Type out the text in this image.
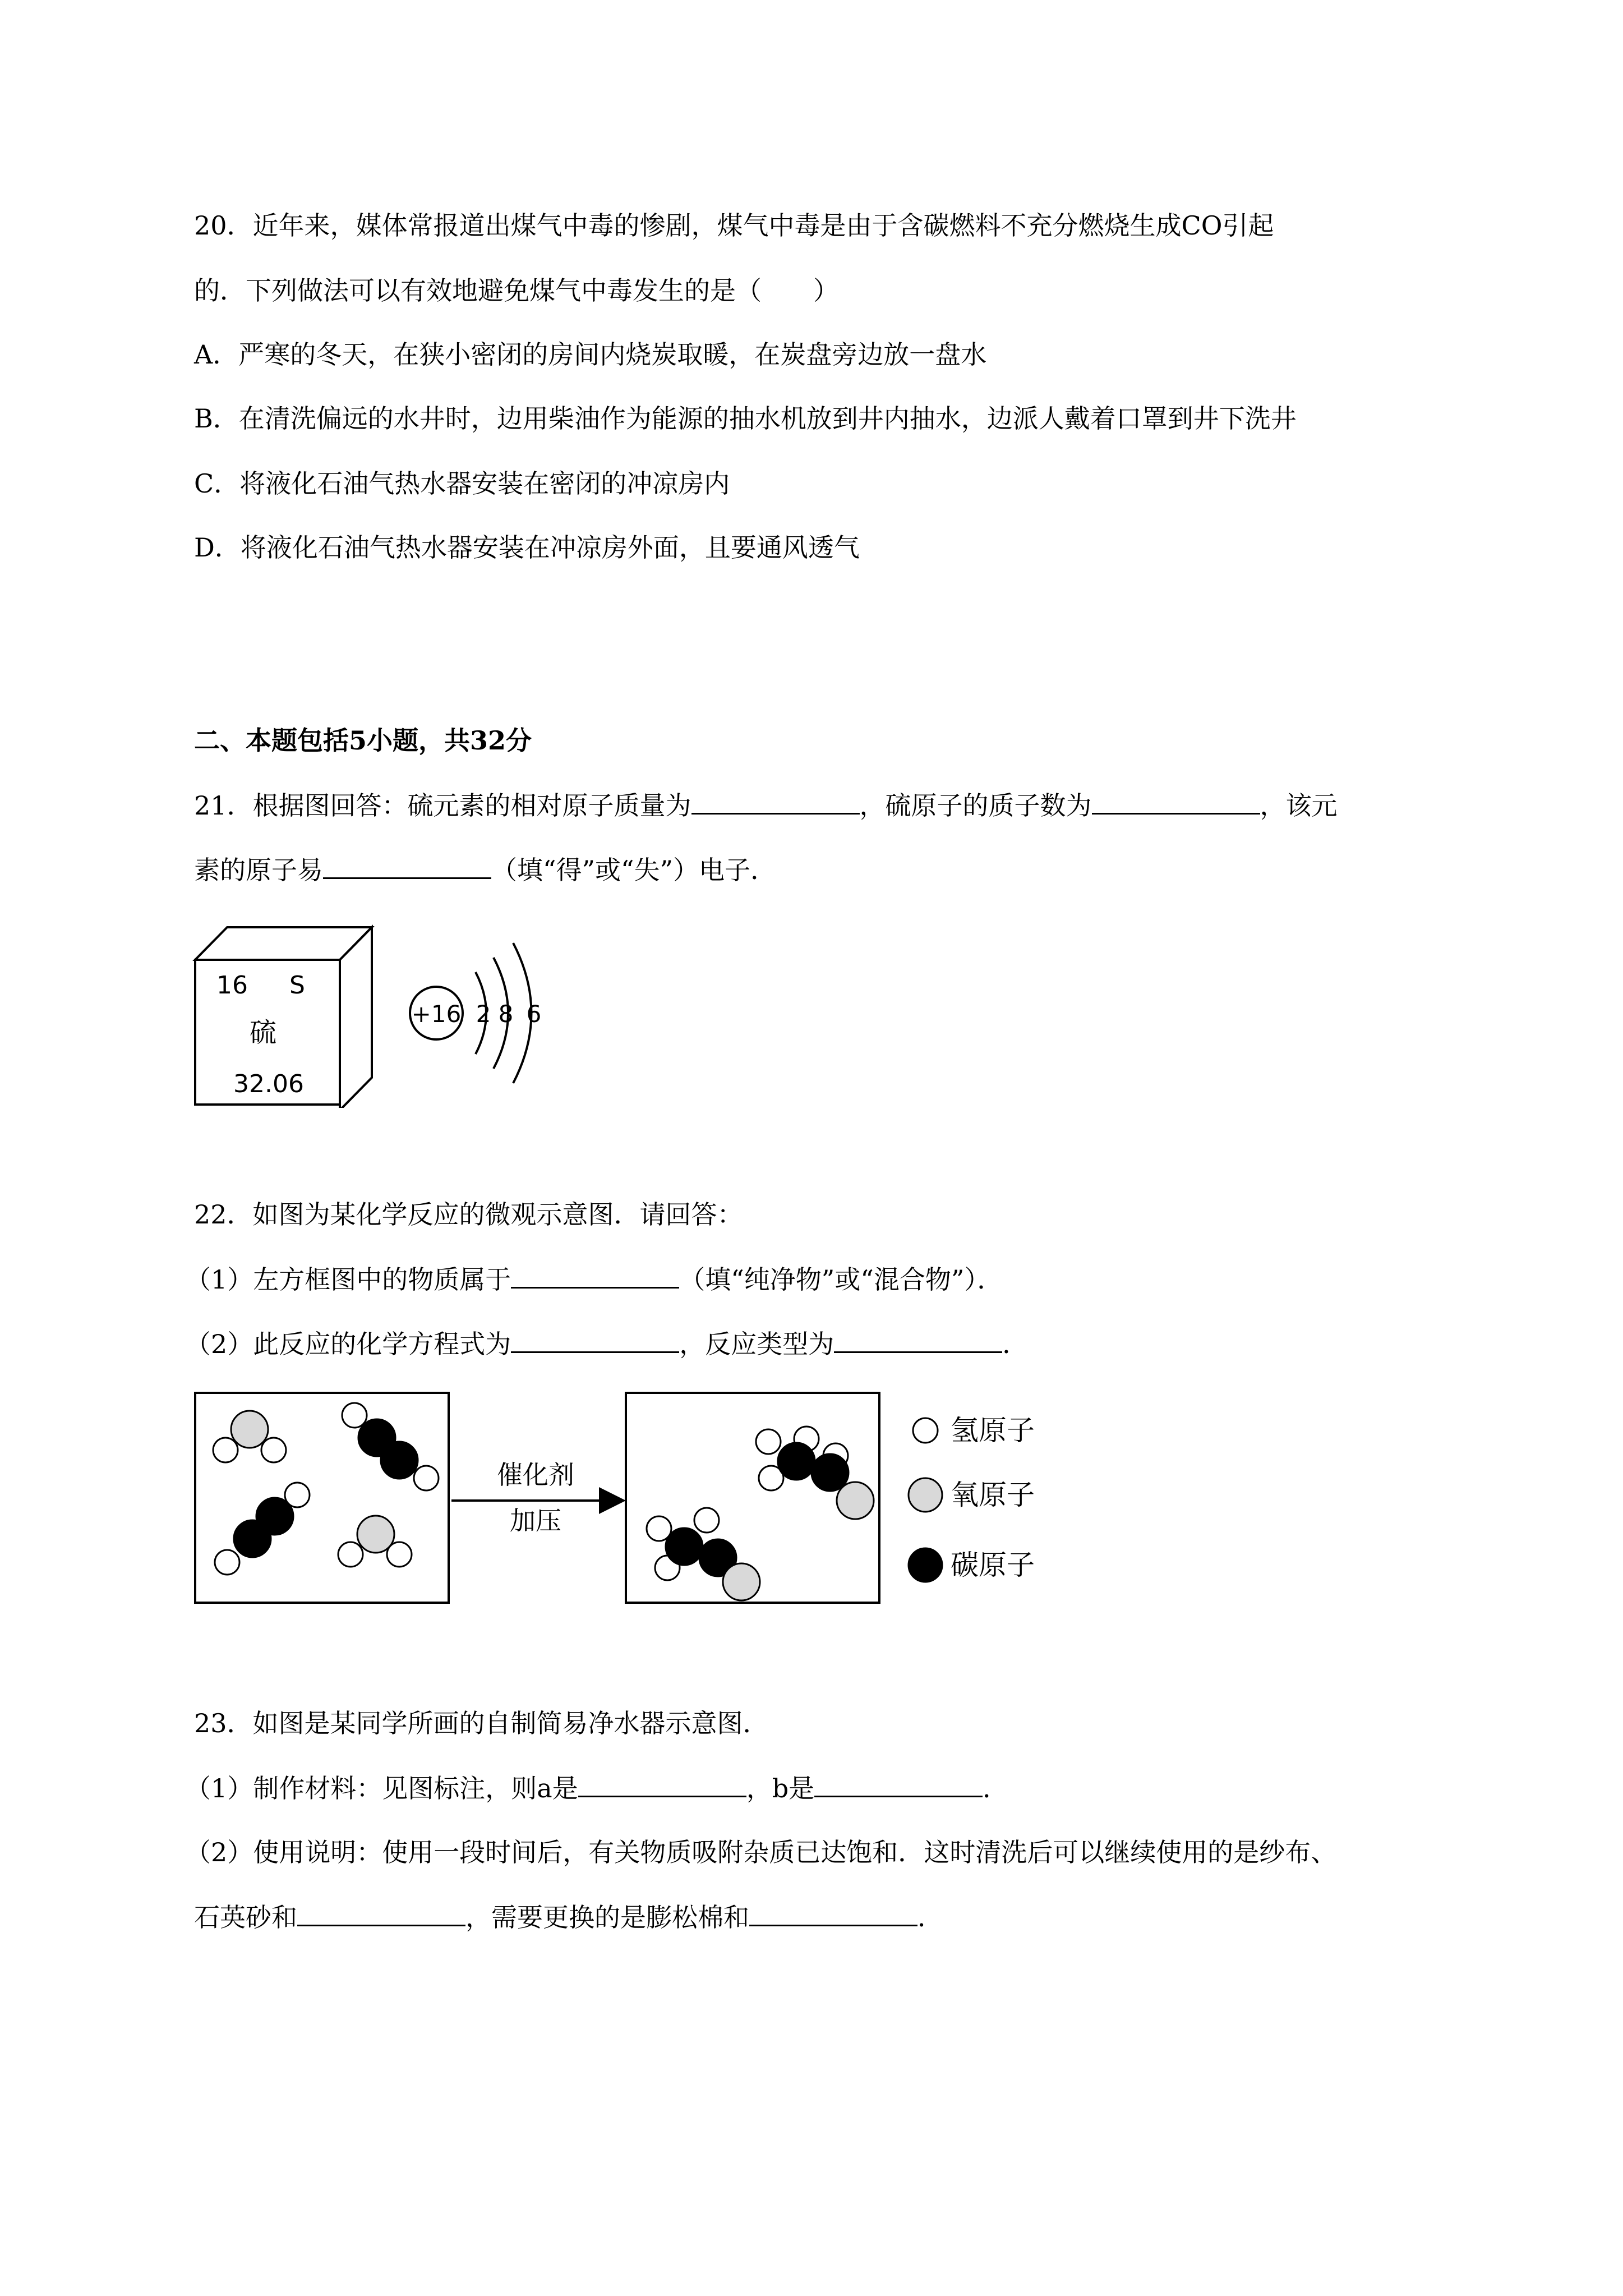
20．近年来，媒体常报道出煤气中毒的惨剧，煤气中毒是由于含碳燃料不充分燃烧生成CO引起
的．下列做法可以有效地避免煤气中毒发生的是（　　）
A．严寒的冬天，在狭小密闭的房间内烧炭取暖，在炭盘旁边放一盘水
B．在清洗偏远的水井时，边用柴油作为能源的抽水机放到井内抽水，边派人戴着口罩到井下洗井
C．将液化石油气热水器安装在密闭的冲凉房内
D．将液化石油气热水器安装在冲凉房外面，且要通风透气
二、本题包括5小题，共32分
21．根据图回答：硫元素的相对原子质量为	，硫原子的质子数为	，该元
素的原子易	（填“得”或“失”）电子．
16 S
硫
32.06
+16 2 8 6
22．如图为某化学反应的微观示意图．请回答：
（1）左方框图中的物质属于	（填“纯净物”或“混合物”）．
（2）此反应的化学方程式为	，反应类型为	．
催化剂
加压
氢原子
氧原子
碳原子
23．如图是某同学所画的自制简易净水器示意图．
（1）制作材料：见图标注，则a是	，b是	．
（2）使用说明：使用一段时间后，有关物质吸附杂质已达饱和．这时清洗后可以继续使用的是纱布、
石英砂和	，需要更换的是膨松棉和	．
